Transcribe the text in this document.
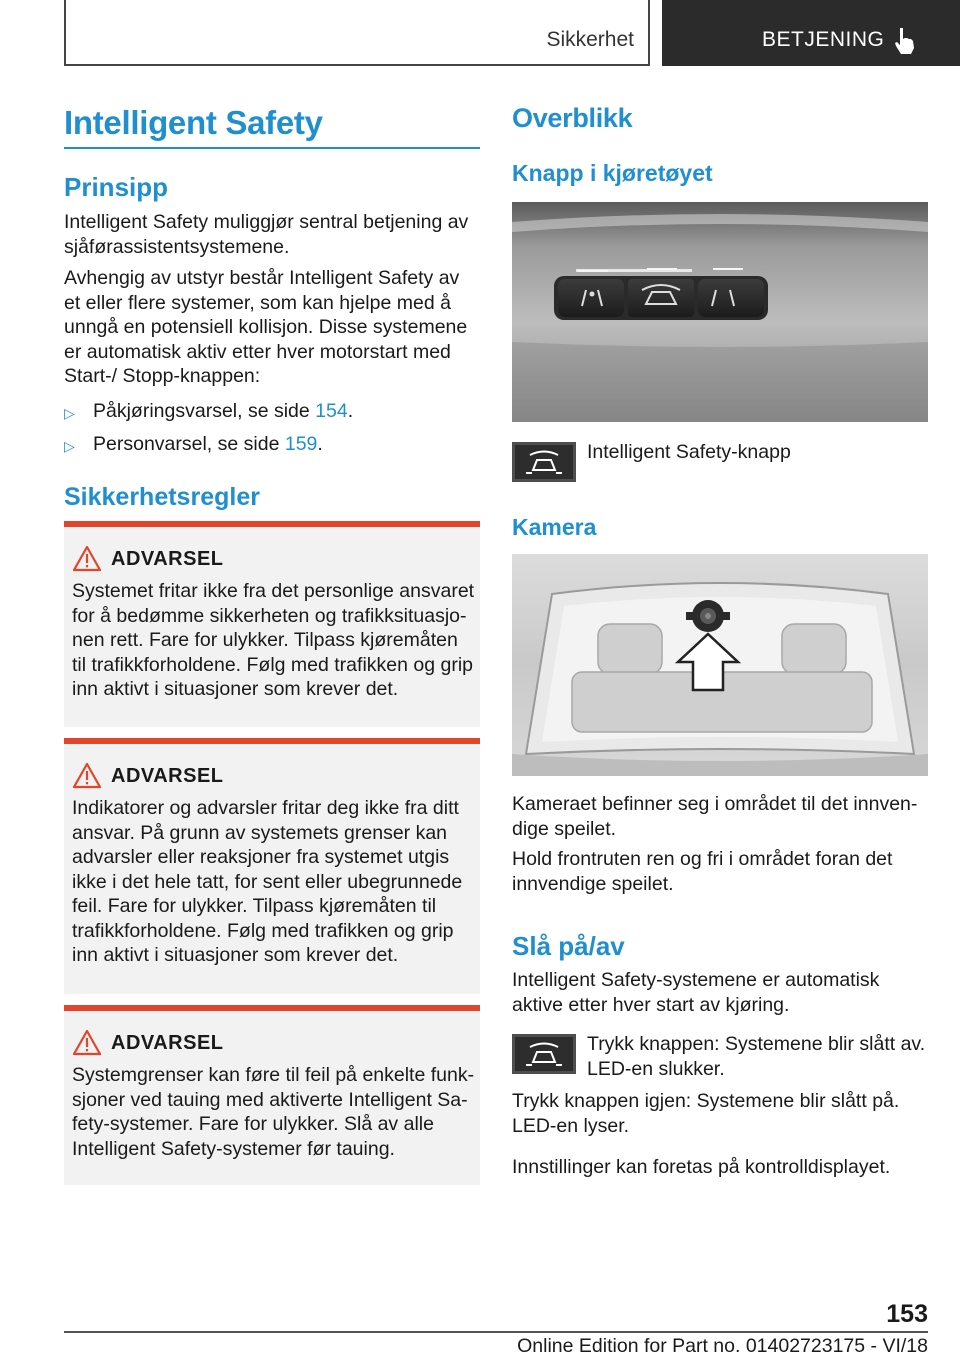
Sikkerhet	BETJENING
Intelligent Safety
Prinsipp
Intelligent Safety muliggjør sentral betjening av sjåførassistentsystemene.
Avhengig av utstyr består Intelligent Safety av et eller flere systemer, som kan hjelpe med å unngå en potensiell kollisjon. Disse systemene er automatisk aktiv etter hver motorstart med Start-/ Stopp-knappen:
▷ Påkjøringsvarsel, se side 154.
▷ Personvarsel, se side 159.
Sikkerhetsregler
ADVARSEL
Systemet fritar ikke fra det personlige ansvaret for å bedømme sikkerheten og trafikksituasjonen rett. Fare for ulykker. Tilpass kjøremåten til trafikkforholdene. Følg med trafikken og grip inn aktivt i situasjoner som krever det.
ADVARSEL
Indikatorer og advarsler fritar deg ikke fra ditt ansvar. På grunn av systemets grenser kan advarsler eller reaksjoner fra systemet utgis ikke i det hele tatt, for sent eller ubegrunnede feil. Fare for ulykker. Tilpass kjøremåten til trafikkforholdene. Følg med trafikken og grip inn aktivt i situasjoner som krever det.
ADVARSEL
Systemgrenser kan føre til feil på enkelte funksjoner ved tauing med aktiverte Intelligent Safety-systemer. Fare for ulykker. Slå av alle Intelligent Safety-systemer før tauing.
Overblikk
Knapp i kjøretøyet
Intelligent Safety-knapp
Kamera
Kameraet befinner seg i området til det innvendige speilet.
Hold frontruten ren og fri i området foran det innvendige speilet.
Slå på/av
Intelligent Safety-systemene er automatisk aktive etter hver start av kjøring.
Trykk knappen: Systemene blir slått av. LED-en slukker.
Trykk knappen igjen: Systemene blir slått på. LED-en lyser.
Innstillinger kan foretas på kontrolldisplayet.
153
Online Edition for Part no. 01402723175 - VI/18
